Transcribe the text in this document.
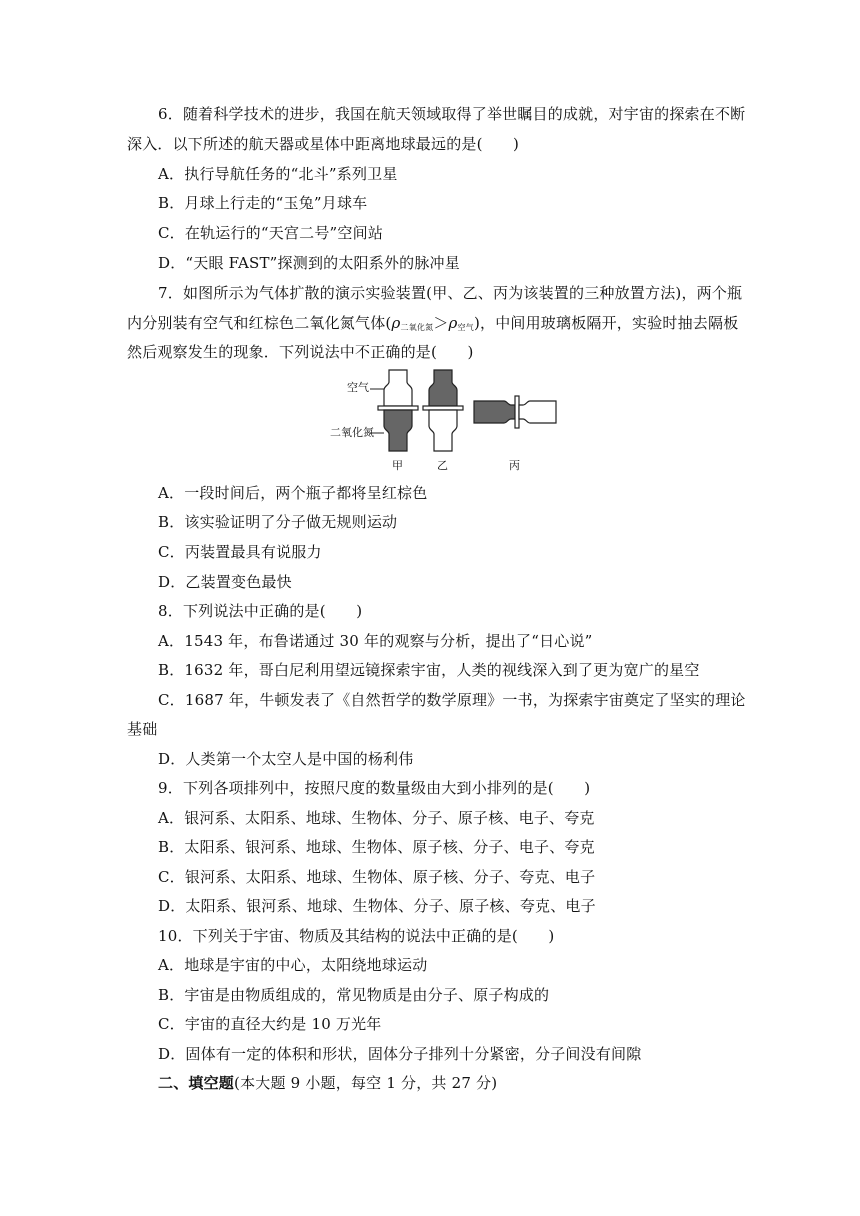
6．随着科学技术的进步，我国在航天领域取得了举世瞩目的成就，对宇宙的探索在不断
深入．以下所述的航天器或星体中距离地球最远的是(　　)
A．执行导航任务的“北斗”系列卫星
B．月球上行走的“玉兔”月球车
C．在轨运行的“天宫二号”空间站
D．“天眼 FAST”探测到的太阳系外的脉冲星
7．如图所示为气体扩散的演示实验装置(甲、乙、丙为该装置的三种放置方法)，两个瓶
内分别装有空气和红棕色二氧化氮气体$(\rho_{二氧化氮}>\rho_{空气})$，中间用玻璃板隔开，实验时抽去隔板
然后观察发生的现象．下列说法中不正确的是(　　)
空气
二氧化氮
甲	乙	丙
A．一段时间后，两个瓶子都将呈红棕色
B．该实验证明了分子做无规则运动
C．丙装置最具有说服力
D．乙装置变色最快
8．下列说法中正确的是(　　)
A．1543 年，布鲁诺通过 30 年的观察与分析，提出了“日心说”
B．1632 年，哥白尼利用望远镜探索宇宙，人类的视线深入到了更为宽广的星空
C．1687 年，牛顿发表了《自然哲学的数学原理》一书，为探索宇宙奠定了坚实的理论
基础
D．人类第一个太空人是中国的杨利伟
9．下列各项排列中，按照尺度的数量级由大到小排列的是(　　)
A．银河系、太阳系、地球、生物体、分子、原子核、电子、夸克
B．太阳系、银河系、地球、生物体、原子核、分子、电子、夸克
C．银河系、太阳系、地球、生物体、原子核、分子、夸克、电子
D．太阳系、银河系、地球、生物体、分子、原子核、夸克、电子
10．下列关于宇宙、物质及其结构的说法中正确的是(　　)
A．地球是宇宙的中心，太阳绕地球运动
B．宇宙是由物质组成的，常见物质是由分子、原子构成的
C．宇宙的直径大约是 10 万光年
D．固体有一定的体积和形状，固体分子排列十分紧密，分子间没有间隙
二、填空题(本大题 9 小题，每空 1 分，共 27 分)
